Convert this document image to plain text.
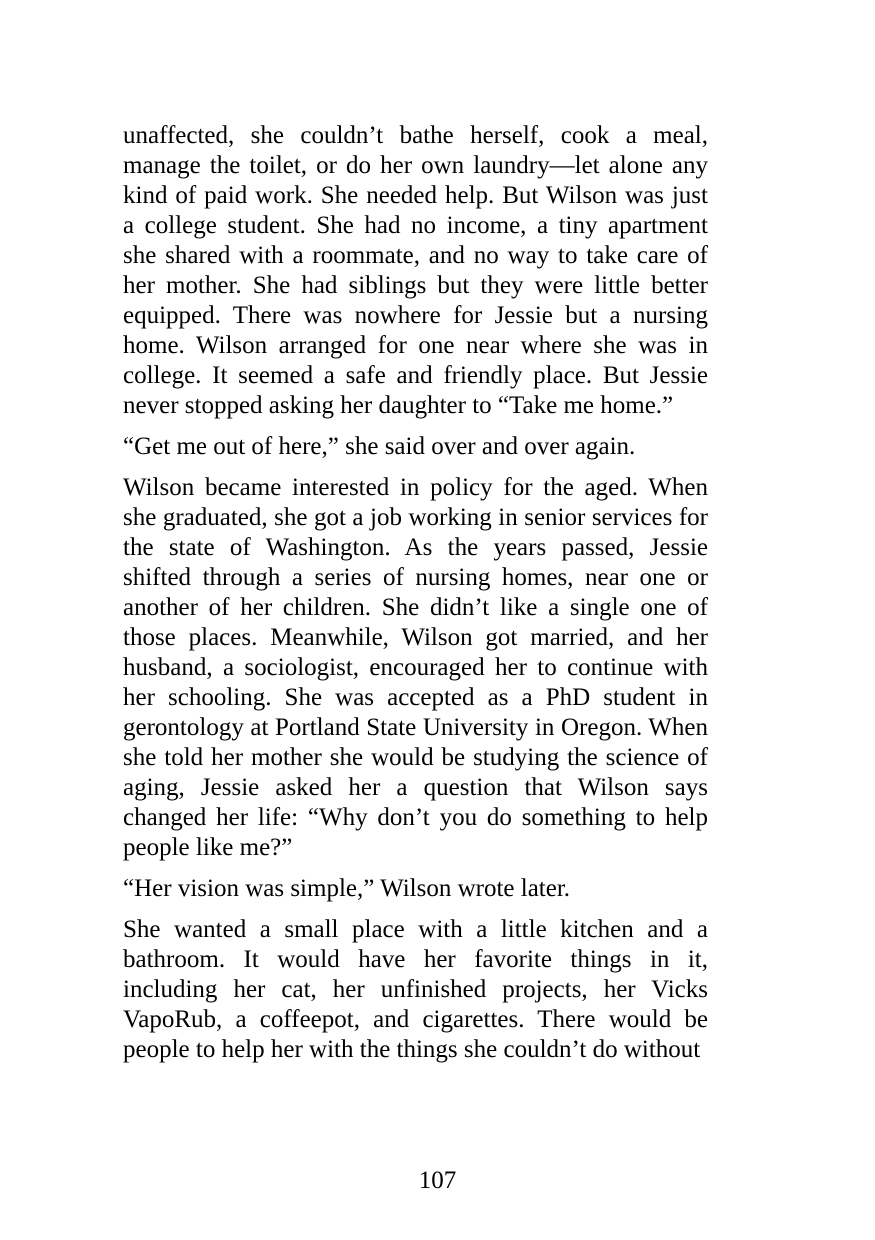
unaffected, she couldn’t bathe herself, cook a meal, manage the toilet, or do her own laundry—let alone any kind of paid work. She needed help. But Wilson was just a college student. She had no income, a tiny apartment she shared with a roommate, and no way to take care of her mother. She had siblings but they were little better equipped. There was nowhere for Jessie but a nursing home. Wilson arranged for one near where she was in college. It seemed a safe and friendly place. But Jessie never stopped asking her daughter to “Take me home.”

“Get me out of here,” she said over and over again.

Wilson became interested in policy for the aged. When she graduated, she got a job working in senior services for the state of Washington. As the years passed, Jessie shifted through a series of nursing homes, near one or another of her children. She didn’t like a single one of those places. Meanwhile, Wilson got married, and her husband, a sociologist, encouraged her to continue with her schooling. She was accepted as a PhD student in gerontology at Portland State University in Oregon. When she told her mother she would be studying the science of aging, Jessie asked her a question that Wilson says changed her life: “Why don’t you do something to help people like me?”

“Her vision was simple,” Wilson wrote later.

She wanted a small place with a little kitchen and a bathroom. It would have her favorite things in it, including her cat, her unfinished projects, her Vicks VapoRub, a coffeepot, and cigarettes. There would be people to help her with the things she couldn’t do without

107
